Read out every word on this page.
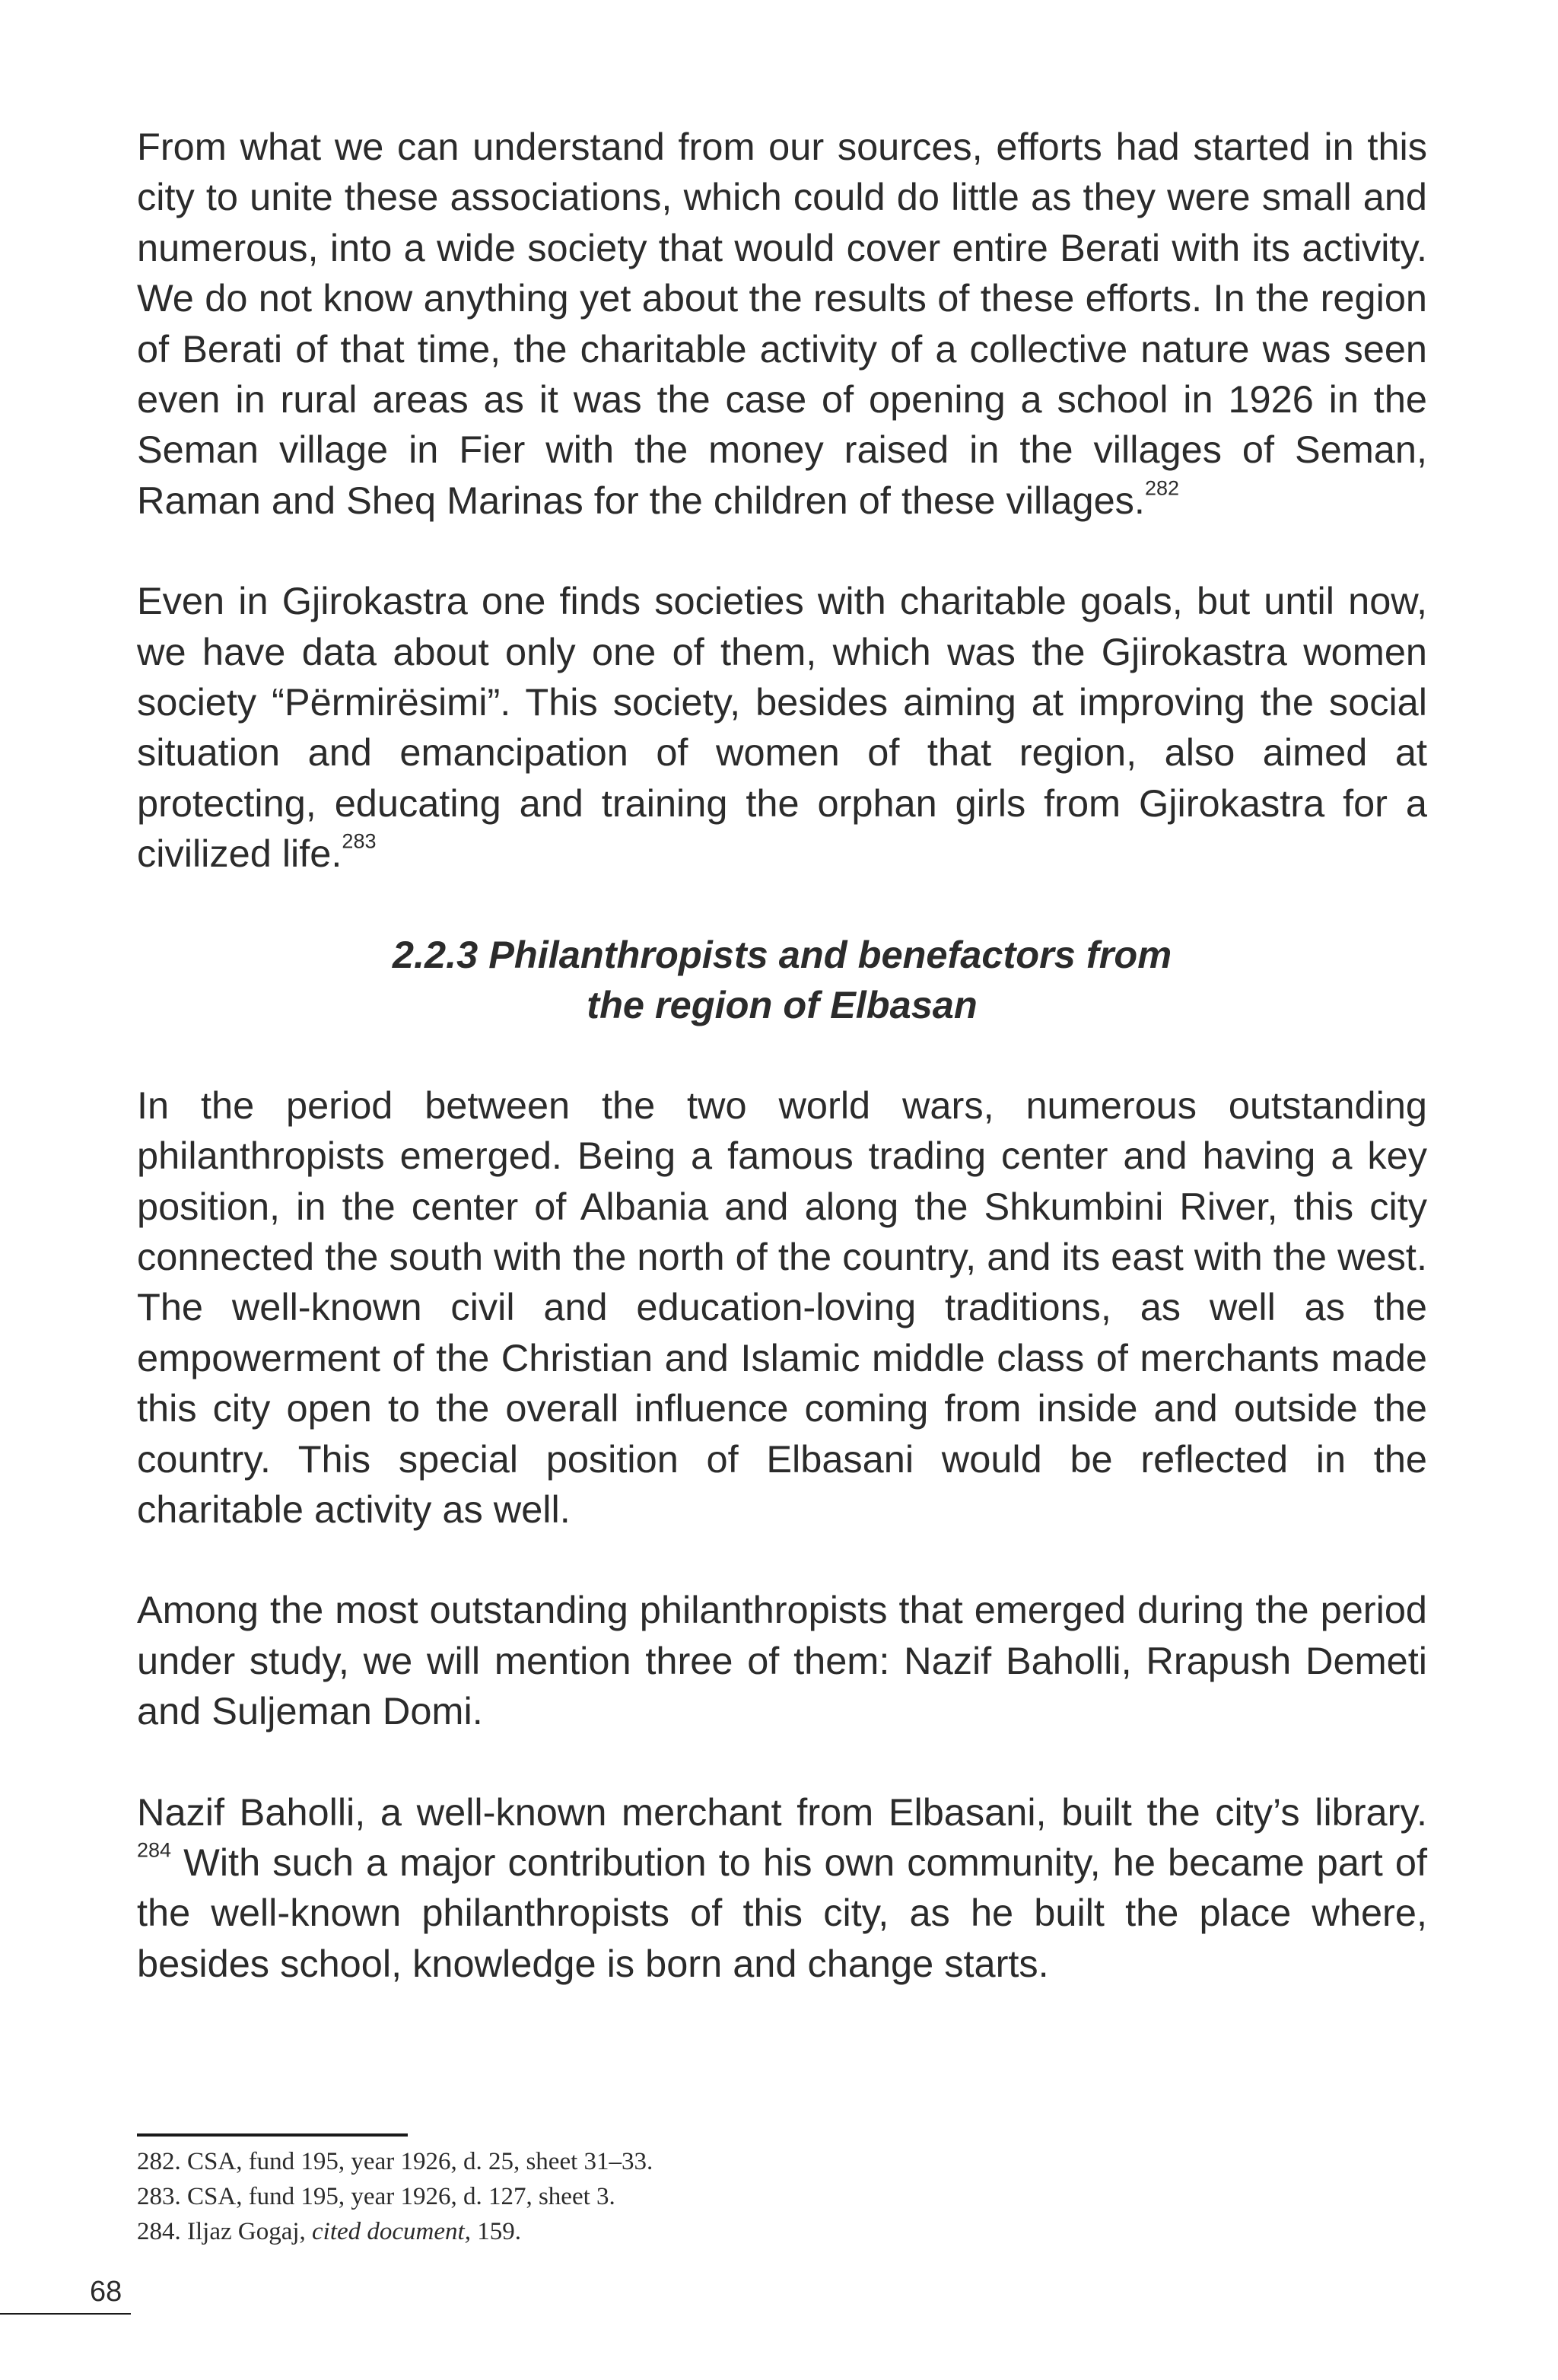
From what we can understand from our sources, efforts had started in this city to unite these associations, which could do little as they were small and numerous, into a wide society that would cover entire Berati with its activity. We do not know anything yet about the results of these efforts. In the region of Berati of that time, the charitable activity of a collective nature was seen even in rural areas as it was the case of opening a school in 1926 in the Seman village in Fier with the money raised in the villages of Seman, Raman and Sheq Marinas for the children of these villages.$^{282}$

Even in Gjirokastra one finds societies with charitable goals, but until now, we have data about only one of them, which was the Gjirokastra women society “Përmirësimi”. This society, besides aiming at improving the social situation and emancipation of women of that region, also aimed at protecting, educating and training the orphan girls from Gjirokastra for a civilized life.$^{283}$

2.2.3 Philanthropists and benefactors from
the region of Elbasan

In the period between the two world wars, numerous outstanding philanthropists emerged. Being a famous trading center and having a key position, in the center of Albania and along the Shkumbini River, this city connected the south with the north of the country, and its east with the west. The well-known civil and education-loving traditions, as well as the empowerment of the Christian and Islamic middle class of merchants made this city open to the overall influence coming from inside and outside the country. This special position of Elbasani would be reflected in the charitable activity as well.

Among the most outstanding philanthropists that emerged during the period under study, we will mention three of them: Nazif Baholli, Rrapush Demeti and Suljeman Domi.

Nazif Baholli, a well-known merchant from Elbasani, built the city’s library. $^{284}$ With such a major contribution to his own community, he became part of the well-known philanthropists of this city, as he built the place where, besides school, knowledge is born and change starts.

282. CSA, fund 195, year 1926, d. 25, sheet 31–33.
283. CSA, fund 195, year 1926, d. 127, sheet 3.
284. Iljaz Gogaj, cited document, 159.
68
